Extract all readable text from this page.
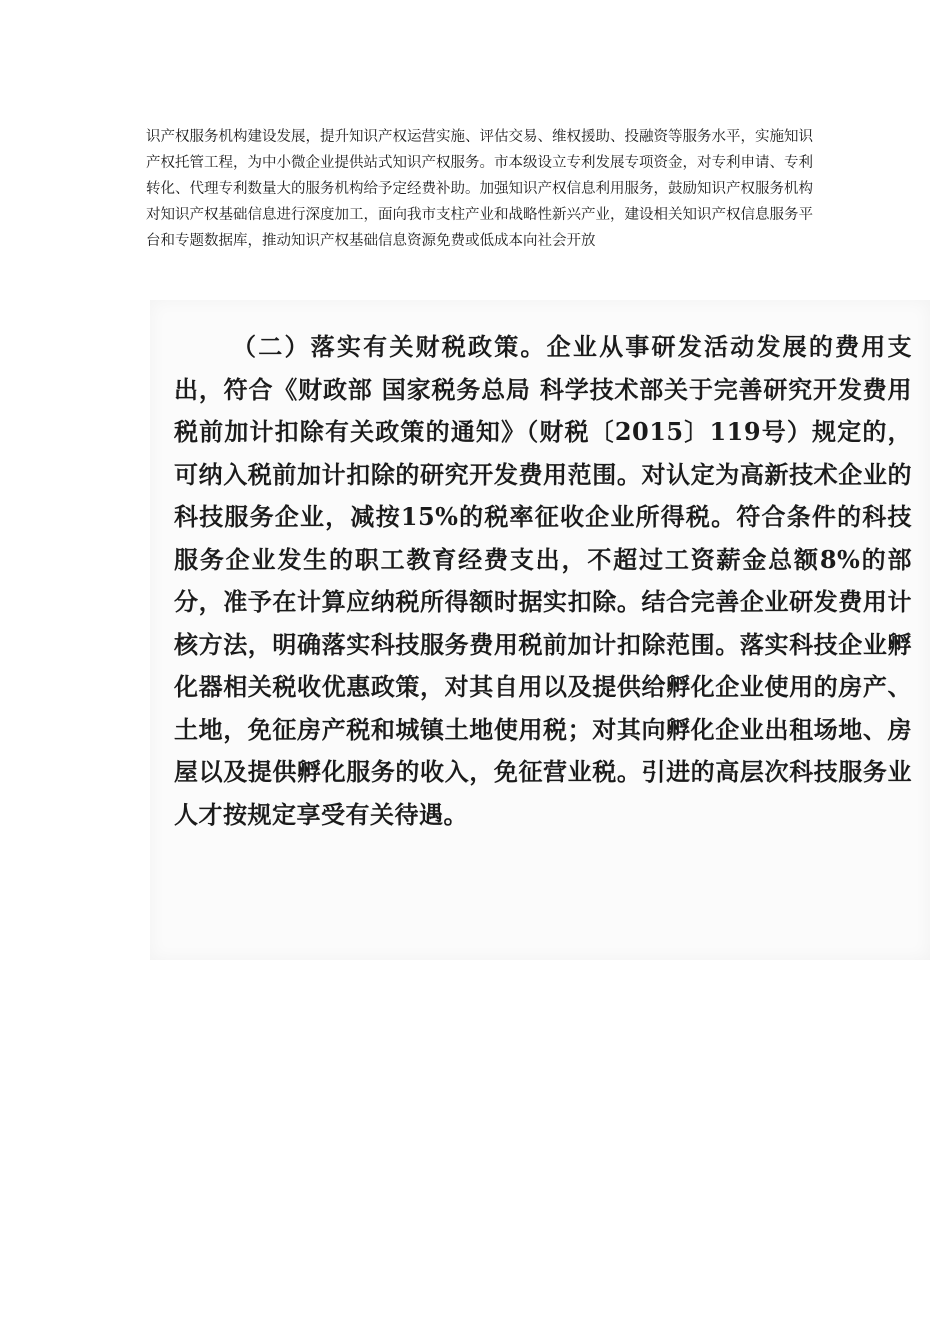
识产权服务机构建设发展，提升知识产权运营实施、评估交易、维权援助、投融资等服务水平，实施知识产权托管工程，为中小微企业提供站式知识产权服务。市本级设立专利发展专项资金，对专利申请、专利转化、代理专利数量大的服务机构给予定经费补助。加强知识产权信息利用服务，鼓励知识产权服务机构对知识产权基础信息进行深度加工，面向我市支柱产业和战略性新兴产业，建设相关知识产权信息服务平台和专题数据库，推动知识产权基础信息资源免费或低成本向社会开放
（二）落实有关财税政策。企业从事研发活动发展的费用支出，符合《财政部 国家税务总局 科学技术部关于完善研究开发费用税前加计扣除有关政策的通知》（财税〔2015〕119号）规定的，可纳入税前加计扣除的研究开发费用范围。对认定为高新技术企业的科技服务企业，减按15%的税率征收企业所得税。符合条件的科技服务企业发生的职工教育经费支出，不超过工资薪金总额8%的部分，准予在计算应纳税所得额时据实扣除。结合完善企业研发费用计核方法，明确落实科技服务费用税前加计扣除范围。落实科技企业孵化器相关税收优惠政策，对其自用以及提供给孵化企业使用的房产、土地，免征房产税和城镇土地使用税；对其向孵化企业出租场地、房屋以及提供孵化服务的收入，免征营业税。引进的高层次科技服务业人才按规定享受有关待遇。
